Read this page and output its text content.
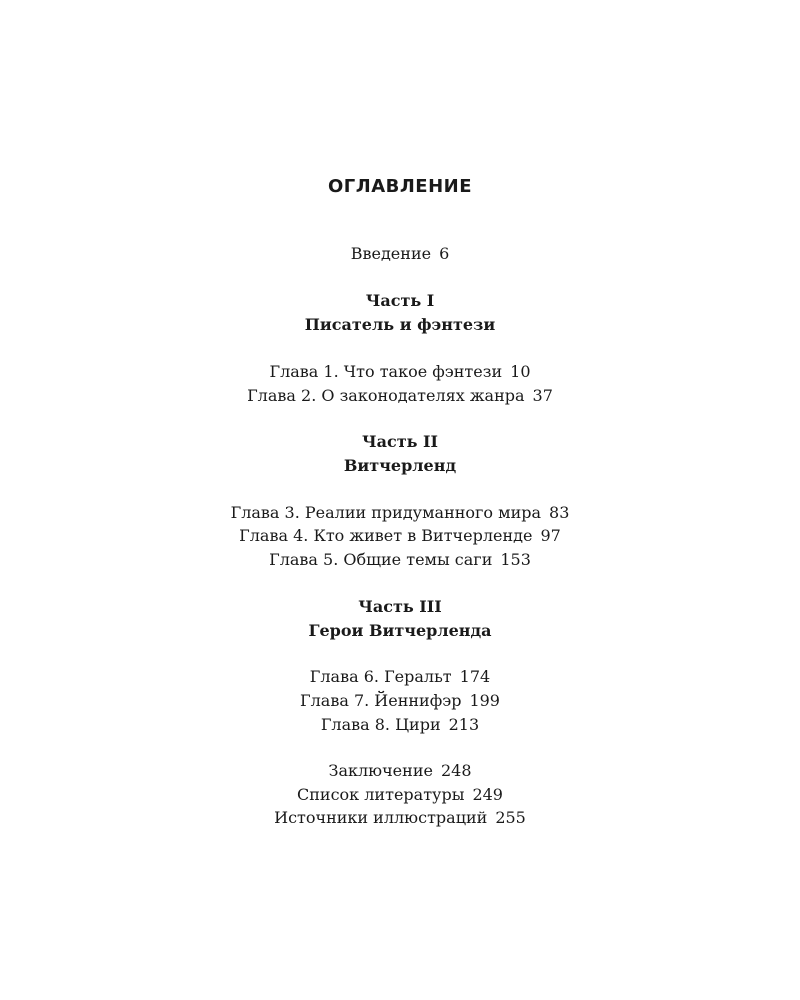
ОГЛАВЛЕНИЕ
Введение 6
Часть I
Писатель и фэнтези
Глава 1. Что такое фэнтези 10
Глава 2. О законодателях жанра 37
Часть II
Витчерленд
Глава 3. Реалии придуманного мира 83
Глава 4. Кто живет в Витчерленде 97
Глава 5. Общие темы саги 153
Часть III
Герои Витчерленда
Глава 6. Геральт 174
Глава 7. Йеннифэр 199
Глава 8. Цири 213
Заключение 248
Список литературы 249
Источники иллюстраций 255
